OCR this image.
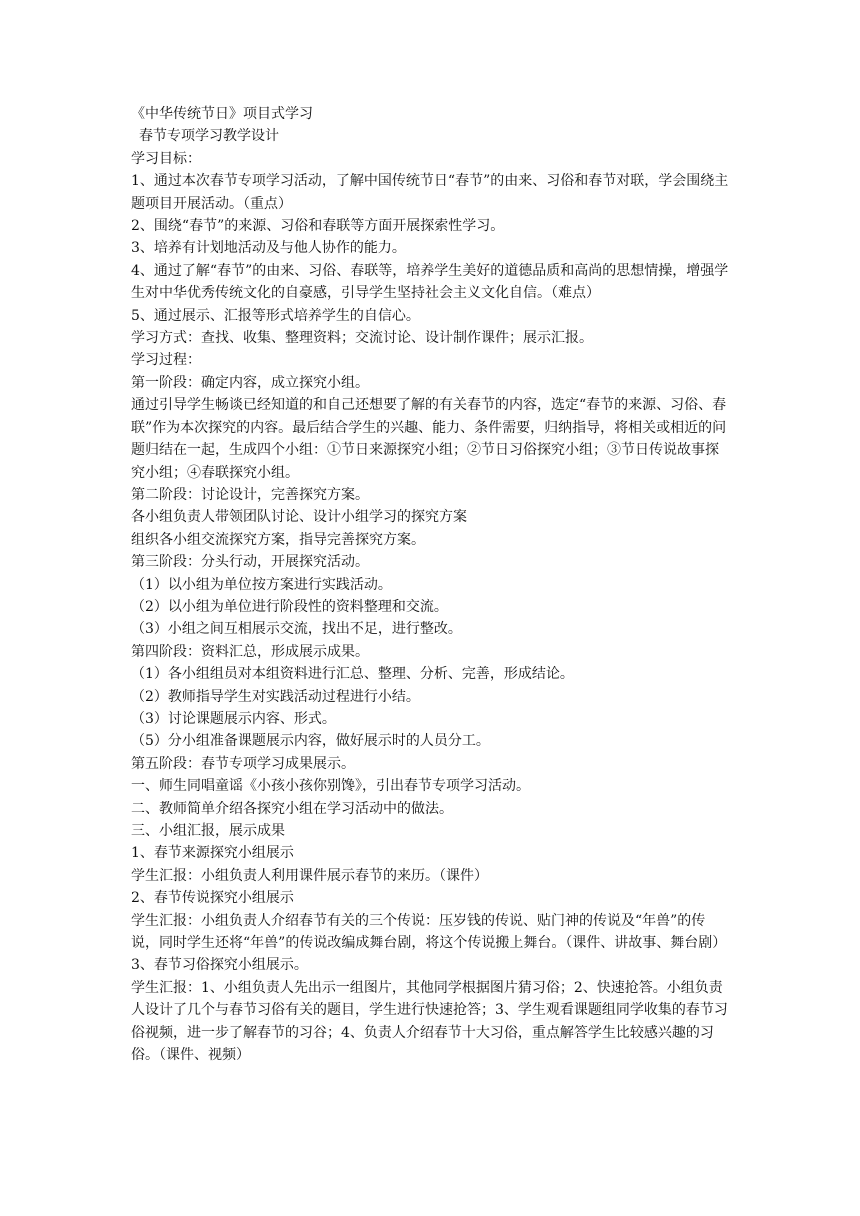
《中华传统节日》项目式学习

春节专项学习教学设计

学习目标：

1、通过本次春节专项学习活动，了解中国传统节日“春节”的由来、习俗和春节对联，学会围绕主题项目开展活动。（重点）

2、围绕“春节”的来源、习俗和春联等方面开展探索性学习。

3、培养有计划地活动及与他人协作的能力。

4、通过了解“春节”的由来、习俗、春联等，培养学生美好的道德品质和高尚的思想情操，增强学生对中华优秀传统文化的自豪感，引导学生坚持社会主义文化自信。（难点）

5、通过展示、汇报等形式培养学生的自信心。

学习方式：查找、收集、整理资料；交流讨论、设计制作课件；展示汇报。

学习过程：

第一阶段：确定内容，成立探究小组。

通过引导学生畅谈已经知道的和自己还想要了解的有关春节的内容，选定“春节的来源、习俗、春联”作为本次探究的内容。最后结合学生的兴趣、能力、条件需要，归纳指导，将相关或相近的问题归结在一起，生成四个小组：①节日来源探究小组；②节日习俗探究小组；③节日传说故事探究小组；④春联探究小组。

第二阶段：讨论设计，完善探究方案。

各小组负责人带领团队讨论、设计小组学习的探究方案

组织各小组交流探究方案，指导完善探究方案。

第三阶段：分头行动，开展探究活动。

（1）以小组为单位按方案进行实践活动。

（2）以小组为单位进行阶段性的资料整理和交流。

（3）小组之间互相展示交流，找出不足，进行整改。

第四阶段：资料汇总，形成展示成果。

（1）各小组组员对本组资料进行汇总、整理、分析、完善，形成结论。

（2）教师指导学生对实践活动过程进行小结。

（3）讨论课题展示内容、形式。

（5）分小组准备课题展示内容，做好展示时的人员分工。

第五阶段：春节专项学习成果展示。

一、师生同唱童谣《小孩小孩你别馋》，引出春节专项学习活动。

二、教师简单介绍各探究小组在学习活动中的做法。

三、小组汇报，展示成果

1、春节来源探究小组展示

学生汇报：小组负责人利用课件展示春节的来历。（课件）

2、春节传说探究小组展示

学生汇报：小组负责人介绍春节有关的三个传说：压岁钱的传说、贴门神的传说及“年兽”的传说，同时学生还将“年兽”的传说改编成舞台剧，将这个传说搬上舞台。（课件、讲故事、舞台剧）

3、春节习俗探究小组展示。

学生汇报：1、小组负责人先出示一组图片，其他同学根据图片猜习俗；2、快速抢答。小组负责人设计了几个与春节习俗有关的题目，学生进行快速抢答；3、学生观看课题组同学收集的春节习俗视频，进一步了解春节的习谷；4、负责人介绍春节十大习俗，重点解答学生比较感兴趣的习俗。（课件、视频）
